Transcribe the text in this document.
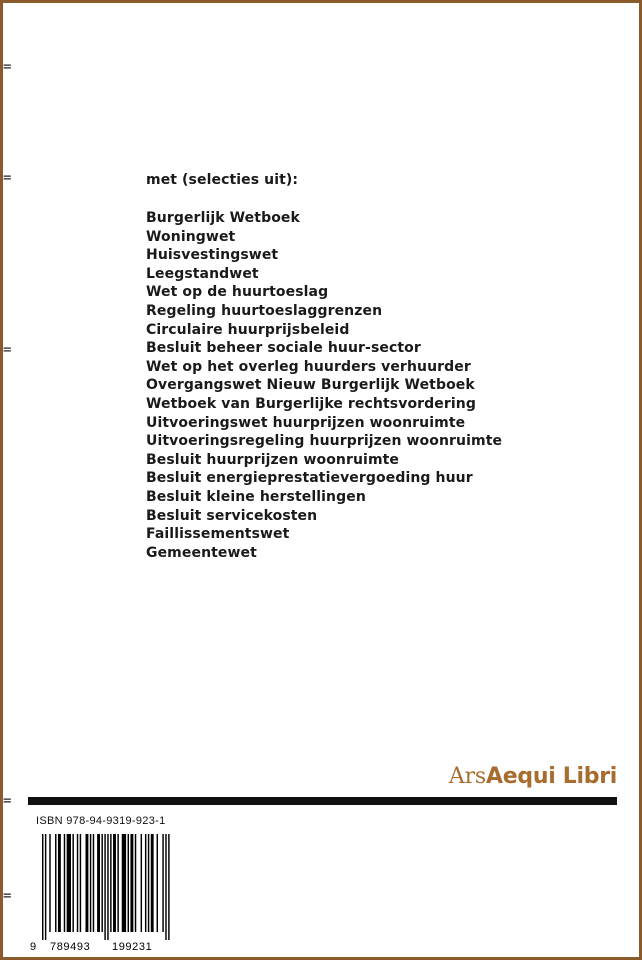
=
=
=
=
=
met (selecties uit):
Burgerlijk Wetboek
Woningwet
Huisvestingswet
Leegstandwet
Wet op de huurtoeslag
Regeling huurtoeslaggrenzen
Circulaire huurprijsbeleid
Besluit beheer sociale huur-sector
Wet op het overleg huurders verhuurder
Overgangswet Nieuw Burgerlijk Wetboek
Wetboek van Burgerlijke rechtsvordering
Uitvoeringswet huurprijzen woonruimte
Uitvoeringsregeling huurprijzen woonruimte
Besluit huurprijzen woonruimte
Besluit energieprestatievergoeding huur
Besluit kleine herstellingen
Besluit servicekosten
Faillissementswet
Gemeentewet
ArsAequi Libri
ISBN 978-94-9319-923-1
9 789493 199231
